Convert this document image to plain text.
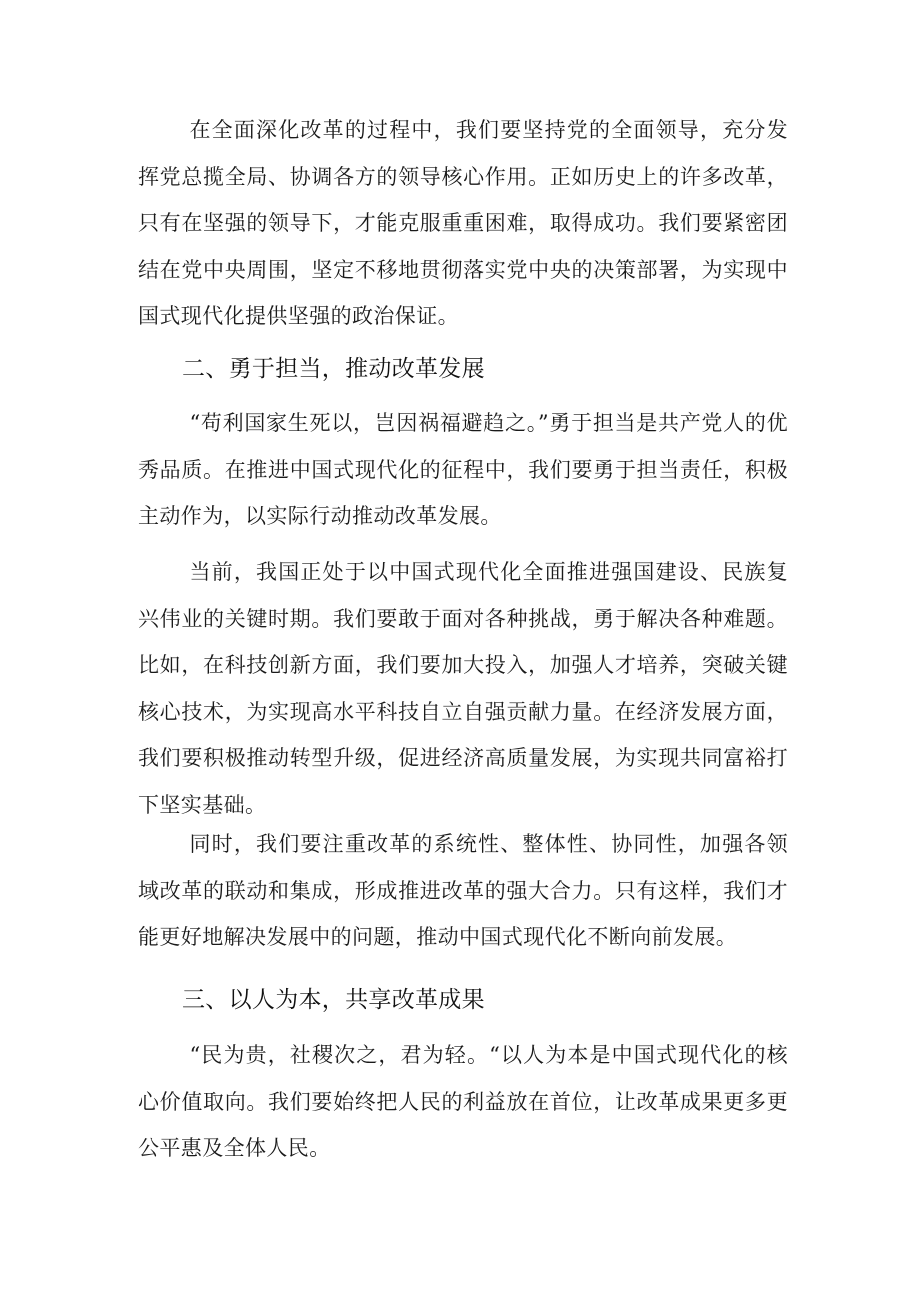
在全面深化改革的过程中，我们要坚持党的全面领导，充分发挥党总揽全局、协调各方的领导核心作用。正如历史上的许多改革，只有在坚强的领导下，才能克服重重困难，取得成功。我们要紧密团结在党中央周围，坚定不移地贯彻落实党中央的决策部署，为实现中国式现代化提供坚强的政治保证。

二、勇于担当，推动改革发展

“苟利国家生死以，岂因祸福避趋之。”勇于担当是共产党人的优秀品质。在推进中国式现代化的征程中，我们要勇于担当责任，积极主动作为，以实际行动推动改革发展。

当前，我国正处于以中国式现代化全面推进强国建设、民族复兴伟业的关键时期。我们要敢于面对各种挑战，勇于解决各种难题。比如，在科技创新方面，我们要加大投入，加强人才培养，突破关键核心技术，为实现高水平科技自立自强贡献力量。在经济发展方面，我们要积极推动转型升级，促进经济高质量发展，为实现共同富裕打下坚实基础。

同时，我们要注重改革的系统性、整体性、协同性，加强各领域改革的联动和集成，形成推进改革的强大合力。只有这样，我们才能更好地解决发展中的问题，推动中国式现代化不断向前发展。

三、以人为本，共享改革成果

“民为贵，社稷次之，君为轻。“以人为本是中国式现代化的核心价值取向。我们要始终把人民的利益放在首位，让改革成果更多更公平惠及全体人民。
